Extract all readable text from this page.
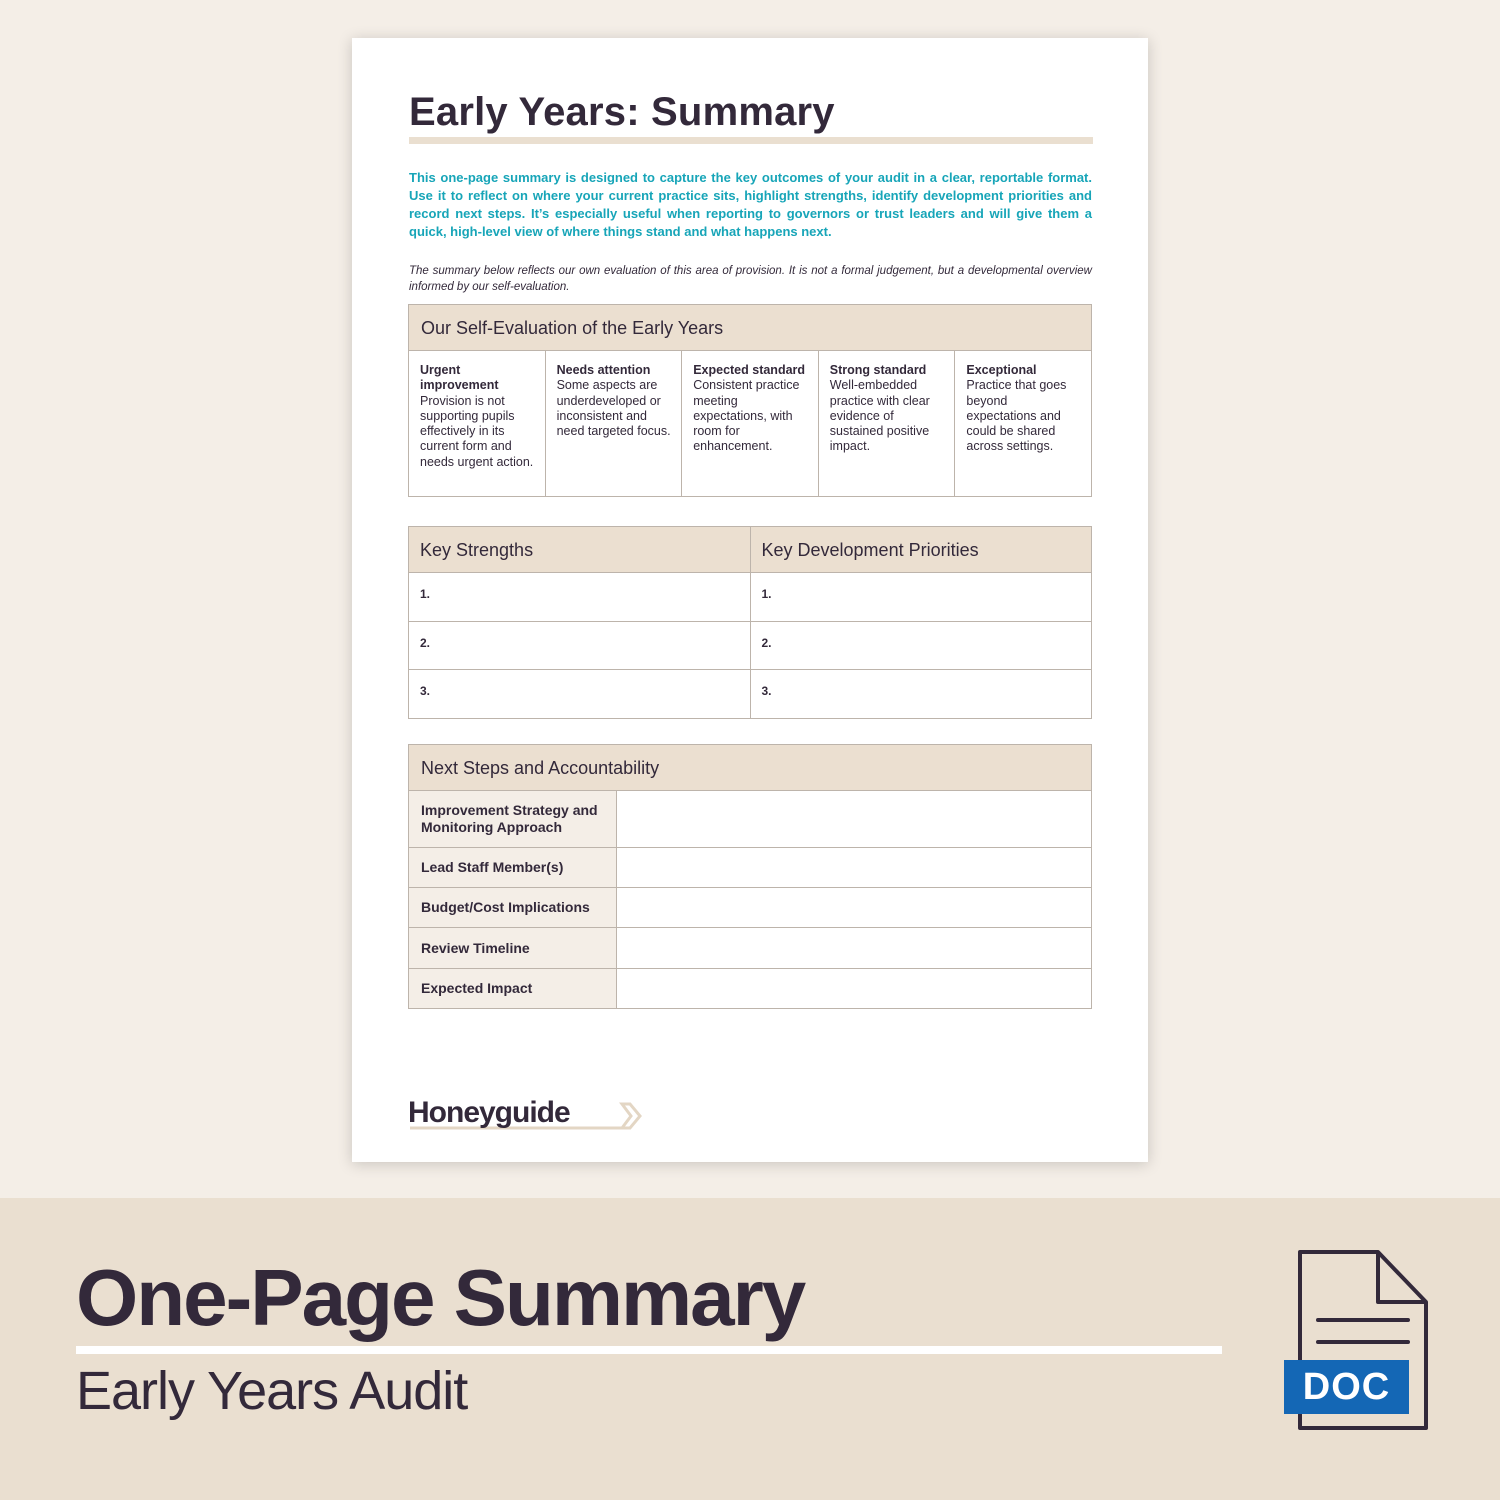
Early Years: Summary

This one-page summary is designed to capture the key outcomes of your audit in a clear, reportable format. Use it to reflect on where your current practice sits, highlight strengths, identify development priorities and record next steps. It’s especially useful when reporting to governors or trust leaders and will give them a quick, high-level view of where things stand and what happens next.

The summary below reflects our own evaluation of this area of provision. It is not a formal judgement, but a developmental overview informed by our self-evaluation.

Our Self-Evaluation of the Early Years
Urgent improvement
Provision is not supporting pupils effectively in its current form and needs urgent action.
Needs attention
Some aspects are underdeveloped or inconsistent and need targeted focus.
Expected standard
Consistent practice meeting expectations, with room for enhancement.
Strong standard
Well-embedded practice with clear evidence of sustained positive impact.
Exceptional
Practice that goes beyond expectations and could be shared across settings.
Key Strengths
1.
2.
3.
Key Development Priorities
1.
2.
3.
Next Steps and Accountability
Improvement Strategy and Monitoring Approach
Lead Staff Member(s)
Budget/Cost Implications
Review Timeline
Expected Impact
Honeyguide
One-Page Summary

Early Years Audit	DOC
